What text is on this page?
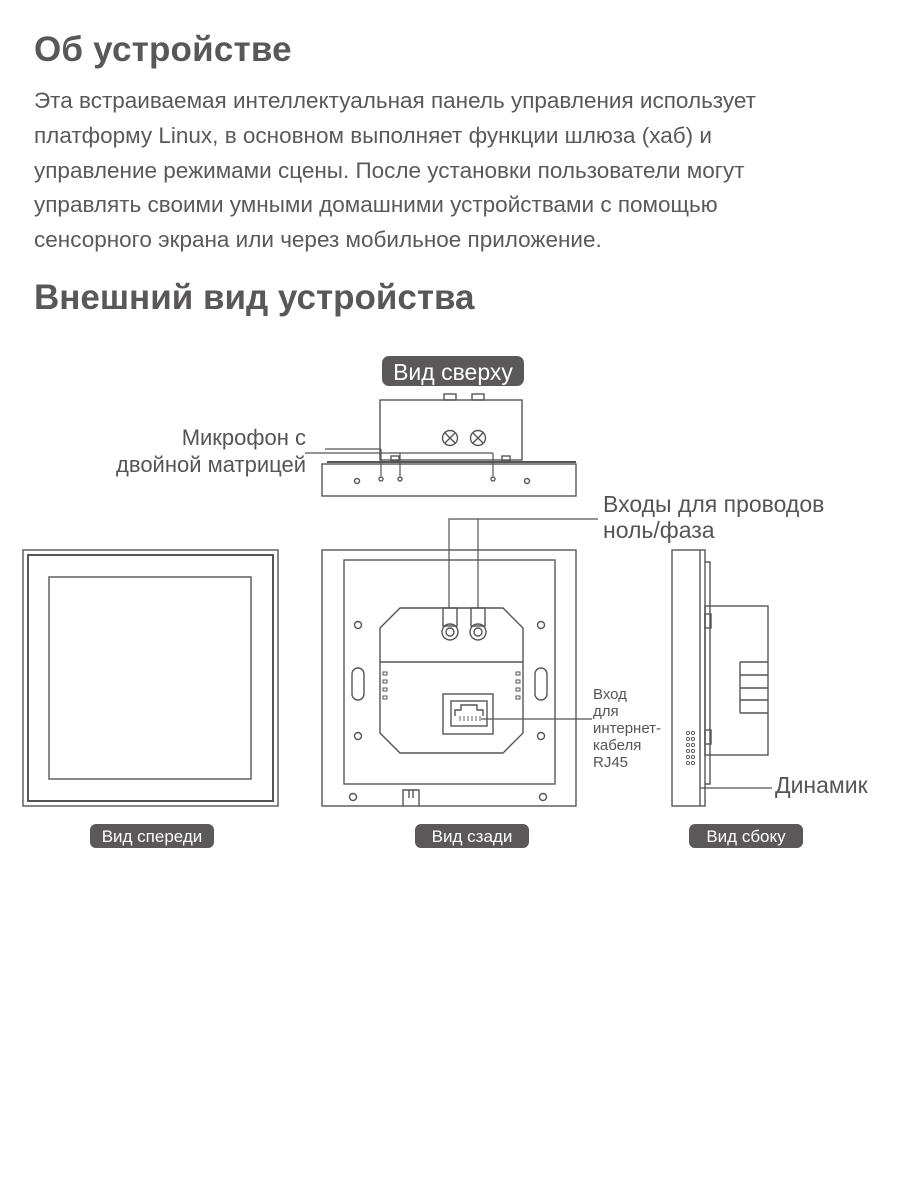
Об устройстве
Эта встраиваемая интеллектуальная панель управления использует
платформу Linux, в основном выполняет функции шлюза (хаб) и
управление режимами сцены. После установки пользователи могут
управлять своими умными домашними устройствами с помощью
сенсорного экрана или через мобильное приложение.
Внешний вид устройства
Вид сверху
Микрофон с
двойной матрицей
Входы для проводов
ноль/фаза
Вид спереди
Вход
для
интернет-
кабеля
RJ45
Вид сзади
Динамик
Вид сбоку
